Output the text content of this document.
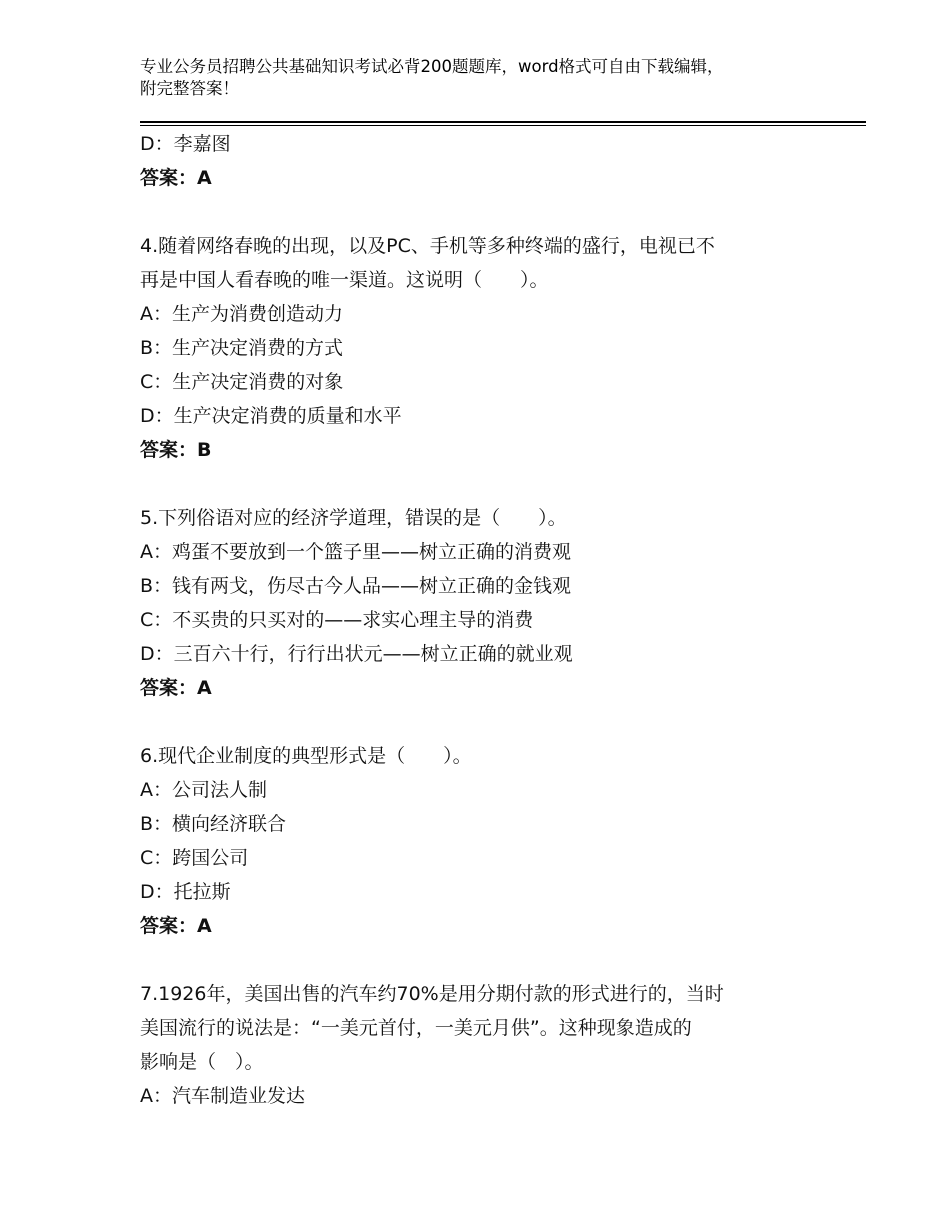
专业公务员招聘公共基础知识考试必背200题题库，word格式可自由下载编辑，
附完整答案！
D：李嘉图
答案：A
4.随着网络春晚的出现，以及PC、手机等多种终端的盛行，电视已不
再是中国人看春晚的唯一渠道。这说明（　　）。
A：生产为消费创造动力
B：生产决定消费的方式
C：生产决定消费的对象
D：生产决定消费的质量和水平
答案：B
5.下列俗语对应的经济学道理，错误的是（　　）。
A：鸡蛋不要放到一个篮子里——树立正确的消费观
B：钱有两戈，伤尽古今人品——树立正确的金钱观
C：不买贵的只买对的——求实心理主导的消费
D：三百六十行，行行出状元——树立正确的就业观
答案：A
6.现代企业制度的典型形式是（　　）。
A：公司法人制
B：横向经济联合
C：跨国公司
D：托拉斯
答案：A
7.1926年，美国出售的汽车约70%是用分期付款的形式进行的，当时
美国流行的说法是：“一美元首付，一美元月供”。这种现象造成的
影响是（　）。
A：汽车制造业发达
